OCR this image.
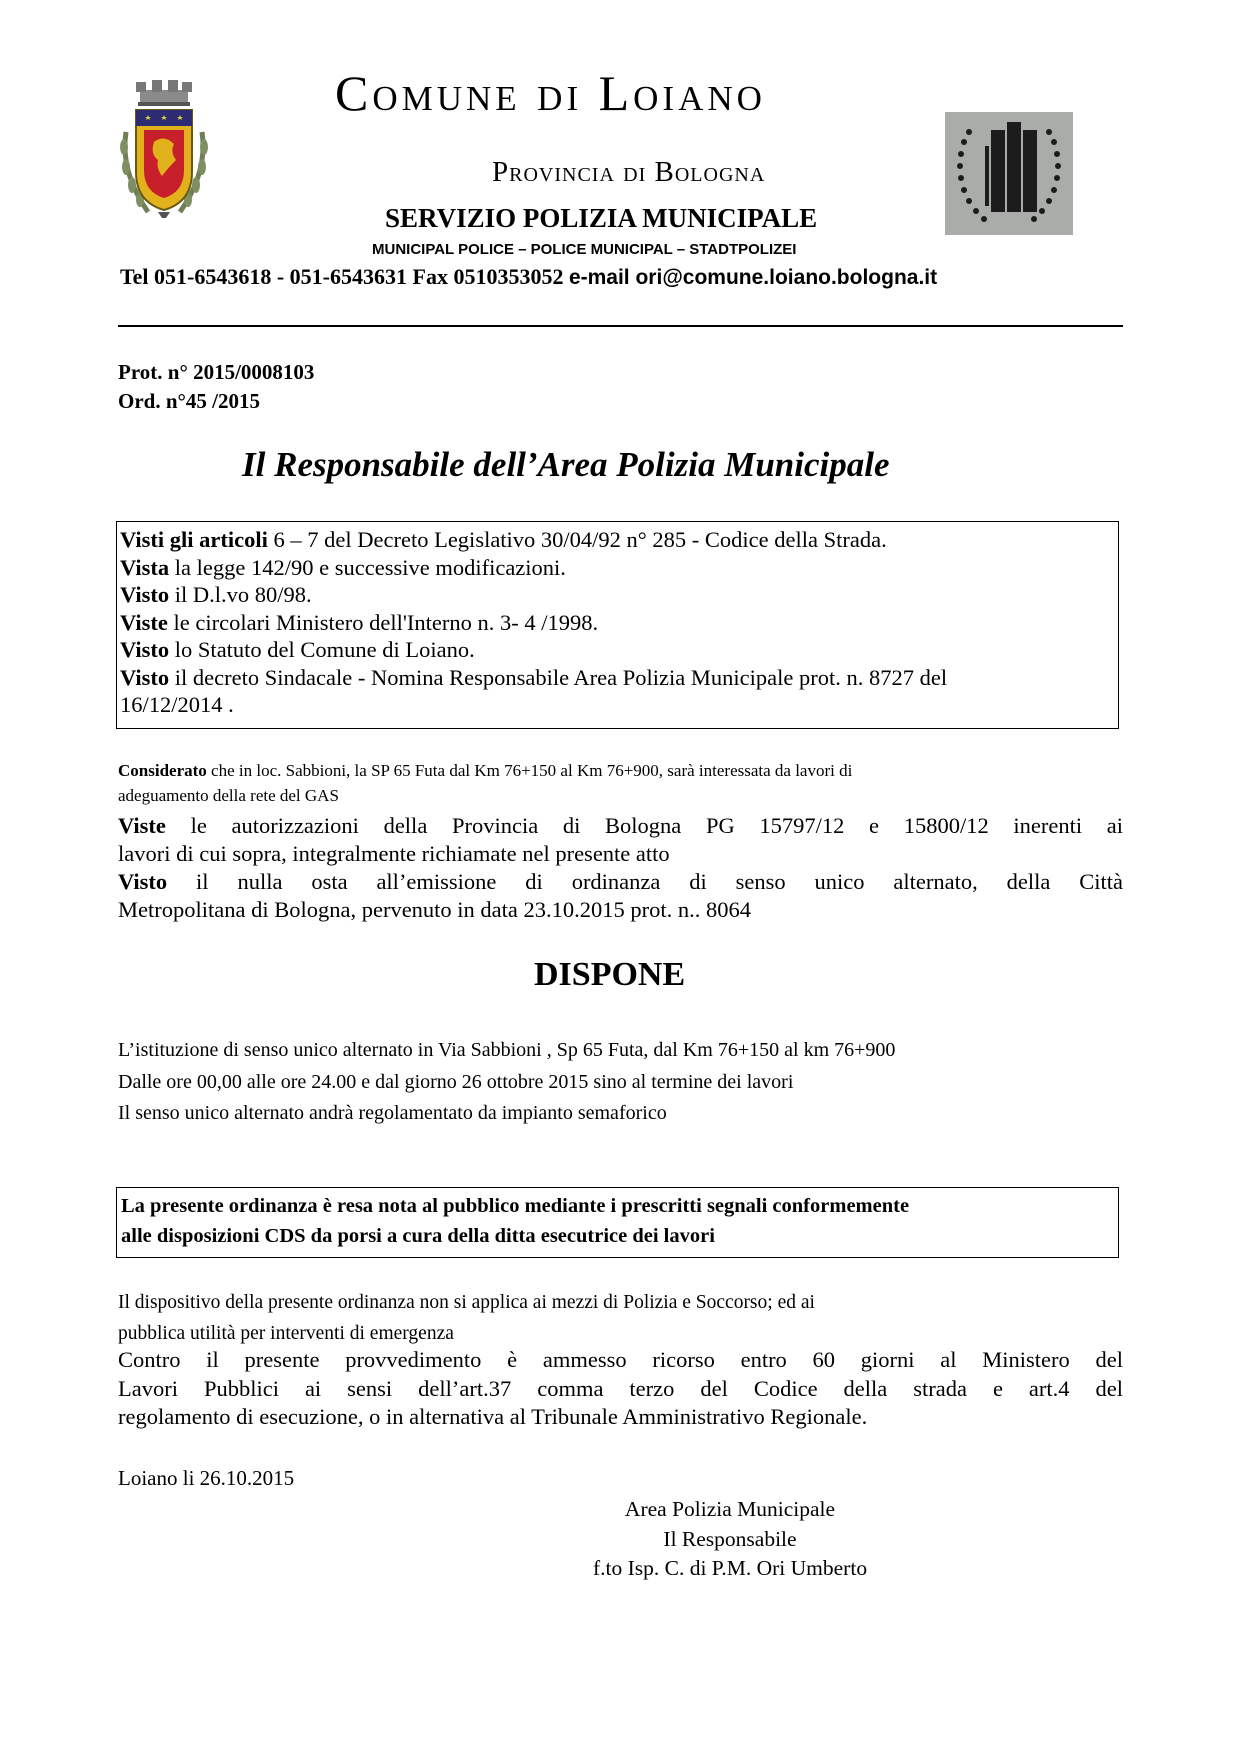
Comune di Loiano
Provincia di Bologna
SERVIZIO POLIZIA MUNICIPALE
MUNICIPAL POLICE – POLICE MUNICIPAL – STADTPOLIZEI
Tel 051-6543618 - 051-6543631 Fax 0510353052 e-mail ori@comune.loiano.bologna.it
Prot. n° 2015/0008103
Ord. n°45 /2015
Il Responsabile dell’Area Polizia Municipale
Visti gli articoli 6 – 7 del Decreto Legislativo 30/04/92 n° 285 - Codice della Strada.
Vista la legge 142/90 e successive modificazioni.
Visto il D.l.vo 80/98.
Viste le circolari Ministero dell'Interno n. 3- 4 /1998.
Visto lo Statuto del Comune di Loiano.
Visto il decreto Sindacale - Nomina Responsabile Area Polizia Municipale prot. n. 8727 del
16/12/2014 .
Considerato che in loc. Sabbioni, la SP 65 Futa dal Km 76+150 al Km 76+900, sarà interessata da lavori di
adeguamento della rete del GAS
Viste le autorizzazioni della Provincia di Bologna PG 15797/12 e 15800/12 inerenti ai
lavori di cui sopra, integralmente richiamate nel presente atto
Visto il nulla osta all’emissione di ordinanza di senso unico alternato, della Città
Metropolitana di Bologna, pervenuto in data 23.10.2015 prot. n.. 8064
DISPONE
L’istituzione di senso unico alternato in Via Sabbioni , Sp 65 Futa, dal Km 76+150 al km 76+900
Dalle ore 00,00 alle ore 24.00 e dal giorno 26 ottobre 2015 sino al termine dei lavori
Il senso unico alternato andrà regolamentato da impianto semaforico
La presente ordinanza è resa nota al pubblico mediante i prescritti segnali conformemente
alle disposizioni CDS da porsi a cura della ditta esecutrice dei lavori
Il dispositivo della presente ordinanza non si applica ai mezzi di Polizia e Soccorso; ed ai
pubblica utilità per interventi di emergenza
Contro il presente provvedimento è ammesso ricorso entro 60 giorni al Ministero del
Lavori Pubblici ai sensi dell’art.37 comma terzo del Codice della strada e art.4 del
regolamento di esecuzione, o in alternativa al Tribunale Amministrativo Regionale.
Loiano li 26.10.2015
Area Polizia Municipale
Il Responsabile
f.to Isp. C. di P.M. Ori Umberto
